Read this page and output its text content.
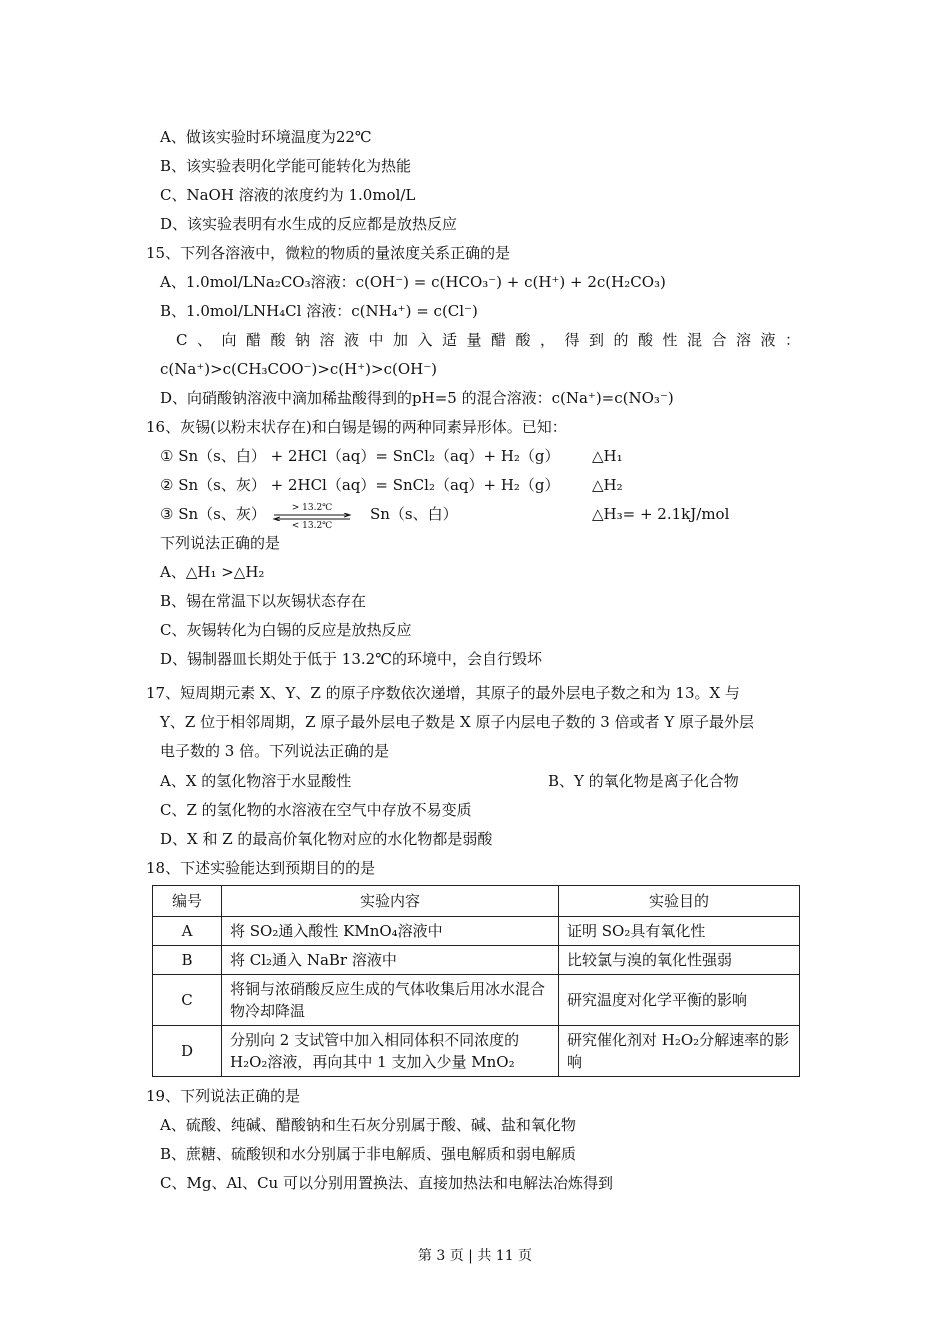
A、做该实验时环境温度为22℃
B、该实验表明化学能可能转化为热能
C、NaOH 溶液的浓度约为 1.0mol/L
D、该实验表明有水生成的反应都是放热反应
15、下列各溶液中，微粒的物质的量浓度关系正确的是
A、1.0mol/LNa₂CO₃溶液：c(OH⁻) = c(HCO₃⁻) + c(H⁺) + 2c(H₂CO₃)
B、1.0mol/LNH₄Cl 溶液：c(NH₄⁺) = c(Cl⁻)
C 、 向 醋 酸 钠 溶 液 中 加 入 适 量 醋 酸 ， 得 到 的 酸 性 混 合 溶 液 ：
c(Na⁺)>c(CH₃COO⁻)>c(H⁺)>c(OH⁻)
D、向硝酸钠溶液中滴加稀盐酸得到的pH=5 的混合溶液：c(Na⁺)=c(NO₃⁻)
16、灰锡(以粉末状存在)和白锡是锡的两种同素异形体。已知：
① Sn（s、白） + 2HCl（aq）= SnCl₂（aq）+ H₂（g） △H₁
② Sn（s、灰） + 2HCl（aq）= SnCl₂（aq）+ H₂（g） △H₂
③ Sn（s、灰）	> 13.2℃
< 13.2℃
Sn（s、白）	△H₃= + 2.1kJ/mol
下列说法正确的是
A、△H₁ >△H₂
B、锡在常温下以灰锡状态存在
C、灰锡转化为白锡的反应是放热反应
D、锡制器皿长期处于低于 13.2℃的环境中，会自行毁坏
17、短周期元素 X、Y、Z 的原子序数依次递增，其原子的最外层电子数之和为 13。X 与
Y、Z 位于相邻周期，Z 原子最外层电子数是 X 原子内层电子数的 3 倍或者 Y 原子最外层
电子数的 3 倍。下列说法正确的是
A、X 的氢化物溶于水显酸性	B、Y 的氧化物是离子化合物
C、Z 的氢化物的水溶液在空气中存放不易变质
D、X 和 Z 的最高价氧化物对应的水化物都是弱酸
18、下述实验能达到预期目的的是
编号	实验内容	实验目的
A	将 SO₂通入酸性 KMnO₄溶液中	证明 SO₂具有氧化性
B	将 Cl₂通入 NaBr 溶液中	比较氯与溴的氧化性强弱
C	将铜与浓硝酸反应生成的气体收集后用冰水混合物冷却降温	研究温度对化学平衡的影响
D	分别向 2 支试管中加入相同体积不同浓度的H₂O₂溶液，再向其中 1 支加入少量 MnO₂	研究催化剂对 H₂O₂分解速率的影响
19、下列说法正确的是
A、硫酸、纯碱、醋酸钠和生石灰分别属于酸、碱、盐和氧化物
B、蔗糖、硫酸钡和水分别属于非电解质、强电解质和弱电解质
C、Mg、Al、Cu 可以分别用置换法、直接加热法和电解法冶炼得到
第 3 页 | 共 11 页
